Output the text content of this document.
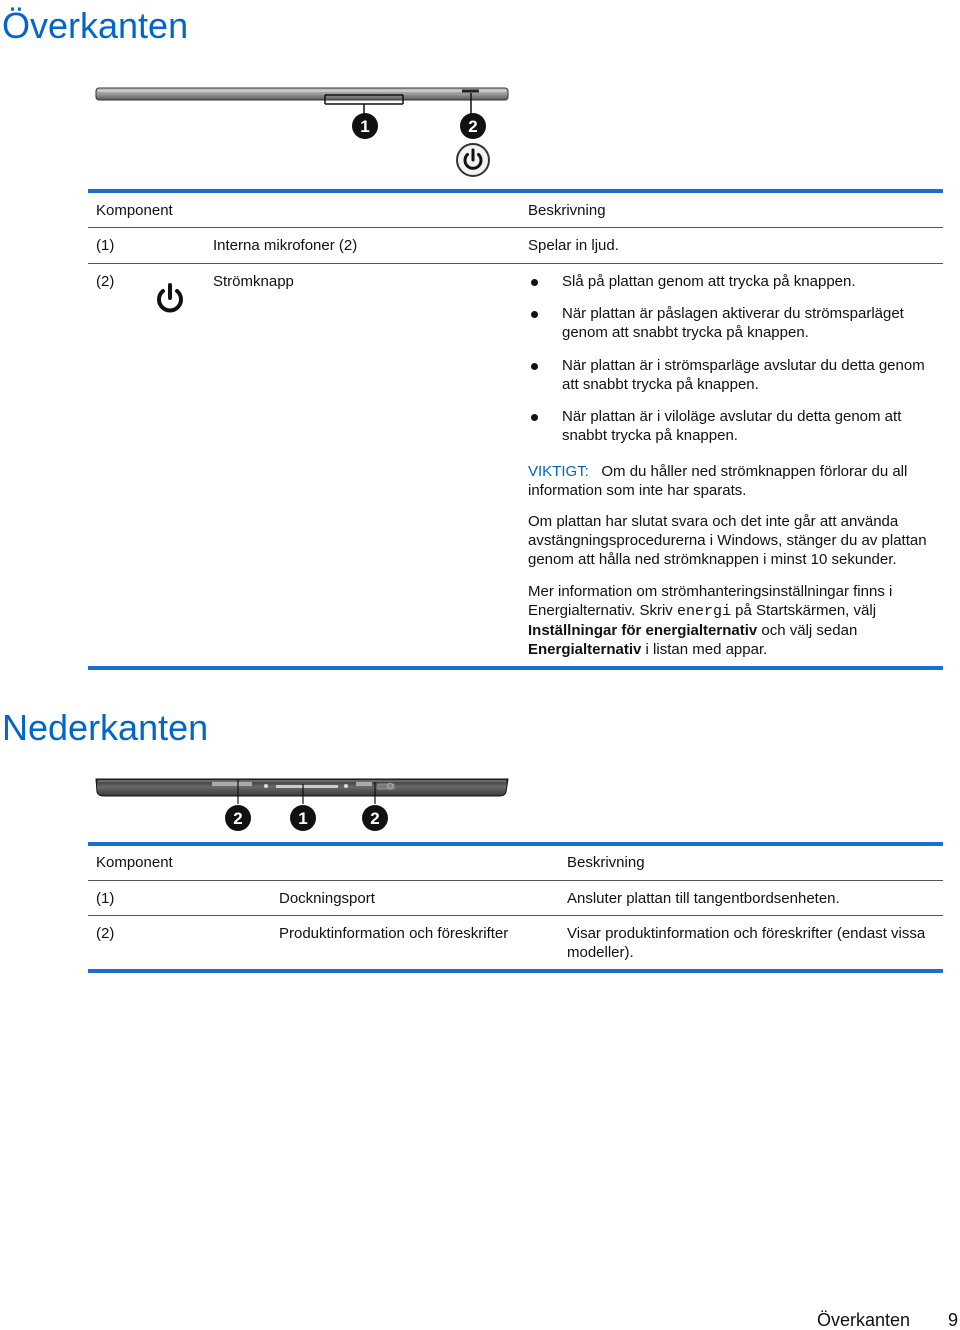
Överkanten
1	2
Komponent	Beskrivning
(1)	Interna mikrofoner (2)	Spelar in ljud.
(2)	Strömknapp	Slå på plattan genom att trycka på knappen.
När plattan är påslagen aktiverar du strömsparläget genom att snabbt trycka på knappen.
När plattan är i strömsparläge avslutar du detta genom att snabbt trycka på knappen.
När plattan är i viloläge avslutar du detta genom att snabbt trycka på knappen.
VIKTIGT: Om du håller ned strömknappen förlorar du all information som inte har sparats.
Om plattan har slutat svara och det inte går att använda avstängningsprocedurerna i Windows, stänger du av plattan genom att hålla ned strömknappen i minst 10 sekunder.
Mer information om strömhanteringsinställningar finns i Energialternativ. Skriv energi på Startskärmen, välj Inställningar för energialternativ och välj sedan Energialternativ i listan med appar.
Nederkanten
2	1	2
Komponent	Beskrivning
(1)	Dockningsport	Ansluter plattan till tangentbordsenheten.
(2)	Produktinformation och föreskrifter	Visar produktinformation och föreskrifter (endast vissa modeller).
Överkanten 9
